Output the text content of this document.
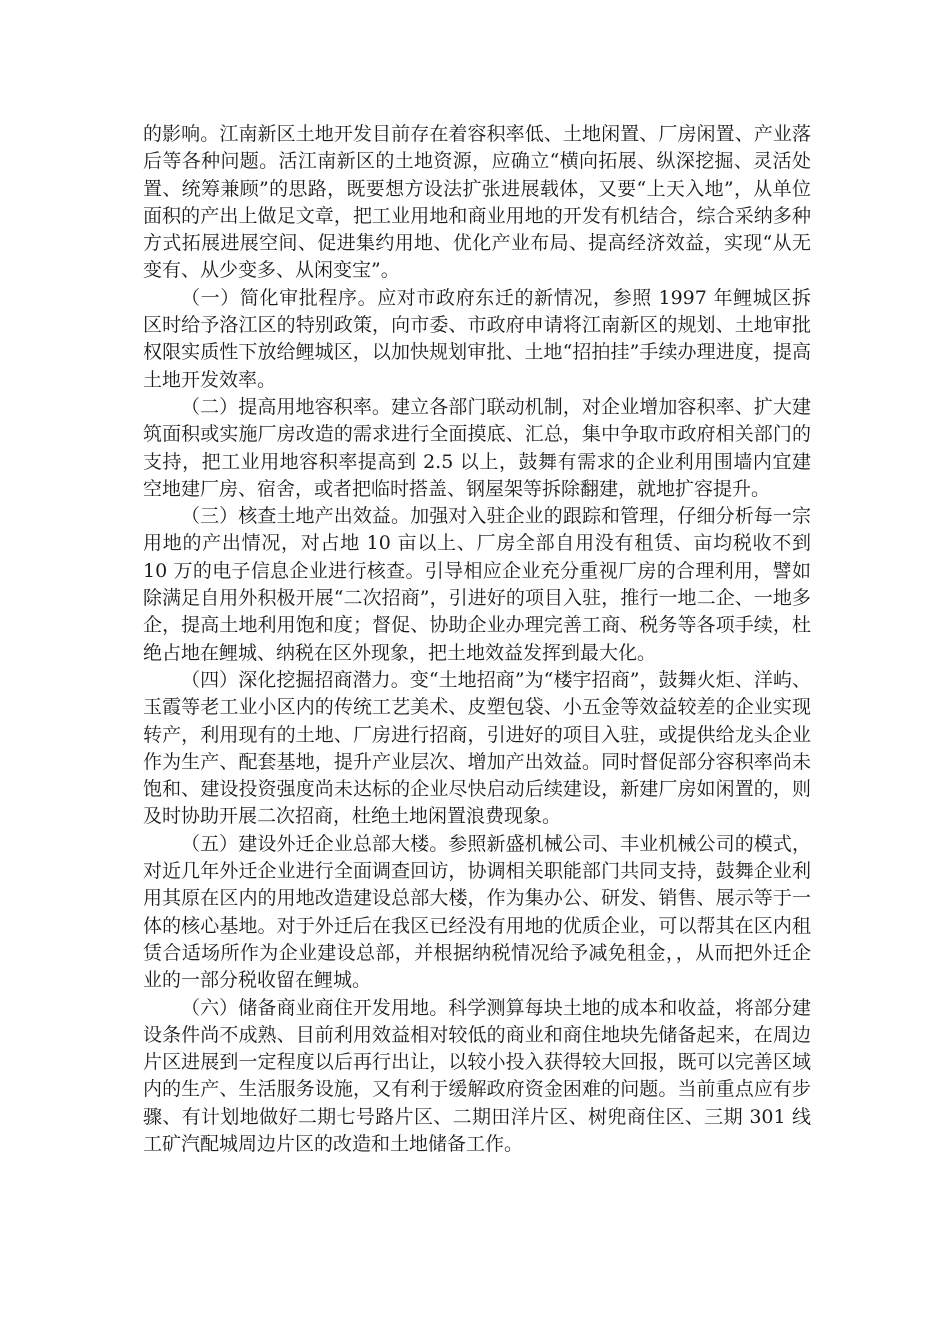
的影响。江南新区土地开发目前存在着容积率低、土地闲置、厂房闲置、产业落后等各种问题。活江南新区的土地资源，应确立“横向拓展、纵深挖掘、灵活处置、统筹兼顾”的思路，既要想方设法扩张进展载体，又要“上天入地”，从单位面积的产出上做足文章，把工业用地和商业用地的开发有机结合，综合采纳多种方式拓展进展空间、促进集约用地、优化产业布局、提高经济效益，实现“从无变有、从少变多、从闲变宝”。

（一）简化审批程序。应对市政府东迁的新情况，参照 1997 年鲤城区拆区时给予洛江区的特别政策，向市委、市政府申请将江南新区的规划、土地审批权限实质性下放给鲤城区，以加快规划审批、土地“招拍挂”手续办理进度，提高土地开发效率。

（二）提高用地容积率。建立各部门联动机制，对企业增加容积率、扩大建筑面积或实施厂房改造的需求进行全面摸底、汇总，集中争取市政府相关部门的支持，把工业用地容积率提高到 2.5 以上，鼓舞有需求的企业利用围墙内宜建空地建厂房、宿舍，或者把临时搭盖、钢屋架等拆除翻建，就地扩容提升。

（三）核查土地产出效益。加强对入驻企业的跟踪和管理，仔细分析每一宗用地的产出情况，对占地 10 亩以上、厂房全部自用没有租赁、亩均税收不到 10 万的电子信息企业进行核查。引导相应企业充分重视厂房的合理利用，譬如除满足自用外积极开展“二次招商”，引进好的项目入驻，推行一地二企、一地多企，提高土地利用饱和度；督促、协助企业办理完善工商、税务等各项手续，杜绝占地在鲤城、纳税在区外现象，把土地效益发挥到最大化。

（四）深化挖掘招商潜力。变“土地招商”为“楼宇招商”，鼓舞火炬、洋屿、玉霞等老工业小区内的传统工艺美术、皮塑包袋、小五金等效益较差的企业实现转产，利用现有的土地、厂房进行招商，引进好的项目入驻，或提供给龙头企业作为生产、配套基地，提升产业层次、增加产出效益。同时督促部分容积率尚未饱和、建设投资强度尚未达标的企业尽快启动后续建设，新建厂房如闲置的，则及时协助开展二次招商，杜绝土地闲置浪费现象。

（五）建设外迁企业总部大楼。参照新盛机械公司、丰业机械公司的模式，对近几年外迁企业进行全面调查回访，协调相关职能部门共同支持，鼓舞企业利用其原在区内的用地改造建设总部大楼，作为集办公、研发、销售、展示等于一体的核心基地。对于外迁后在我区已经没有用地的优质企业，可以帮其在区内租赁合适场所作为企业建设总部，并根据纳税情况给予减免租金，，从而把外迁企业的一部分税收留在鲤城。

（六）储备商业商住开发用地。科学测算每块土地的成本和收益，将部分建设条件尚不成熟、目前利用效益相对较低的商业和商住地块先储备起来，在周边片区进展到一定程度以后再行出让，以较小投入获得较大回报，既可以完善区域内的生产、生活服务设施，又有利于缓解政府资金困难的问题。当前重点应有步骤、有计划地做好二期七号路片区、二期田洋片区、树兜商住区、三期 301 线工矿汽配城周边片区的改造和土地储备工作。
